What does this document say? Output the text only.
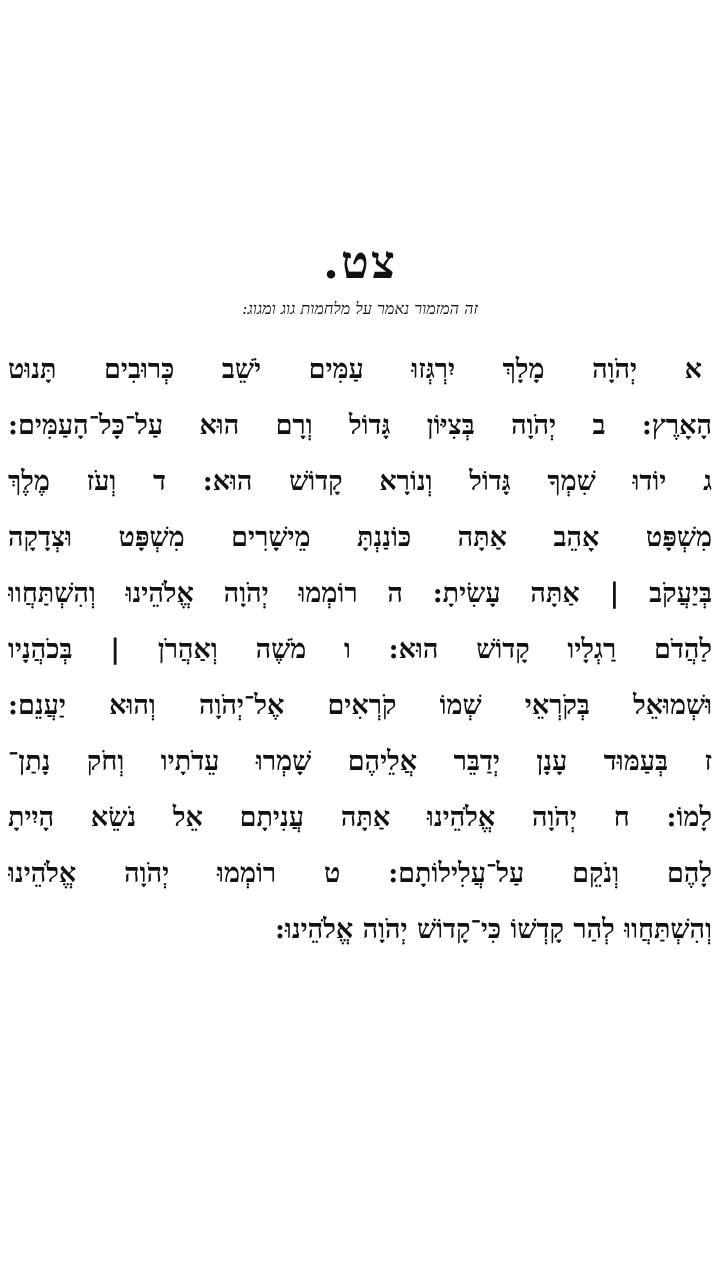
צט.
זה המזמור נאמר על מלחמות גוג ומגוג:
א יְהֹוָה מָלָךְ יִרְגְּזוּ עַמִּים יֹשֵׁב כְּרוּבִים תָּנוּט
הָאָרֶץ: ב יְהֹוָה בְּצִיּוֹן גָּדוֹל וְרָם הוּא עַל־כָּל־הָעַמִּים:
ג יוֹדוּ שִׁמְךָ גָּדוֹל וְנוֹרָא קָדוֹשׁ הוּא: ד וְעֹז מֶלֶךְ
מִשְׁפָּט אָהֵב אַתָּה כּוֹנַנְתָּ מֵישָׁרִים מִשְׁפָּט וּצְדָקָה
בְּיַעֲקֹב | אַתָּה עָשִׂיתָ: ה רוֹמְמוּ יְהֹוָה אֱלֹהֵינוּ וְהִשְׁתַּחֲווּ
לַהֲדֹם רַגְלָיו קָדוֹשׁ הוּא: ו מֹשֶׁה וְאַהֲרֹן | בְּכֹהֲנָיו
וּשְׁמוּאֵל בְּקֹרְאֵי שְׁמוֹ קֹרְאִים אֶל־יְהֹוָה וְהוּא יַעֲנֵם:
ז בְּעַמּוּד עָנָן יְדַבֵּר אֲלֵיהֶם שָׁמְרוּ עֵדֹתָיו וְחֹק נָתַן־
לָמוֹ: ח יְהֹוָה אֱלֹהֵינוּ אַתָּה עֲנִיתָם אֵל נֹשֵׂא הָיִיתָ
לָהֶם וְנֹקֵם עַל־עֲלִילוֹתָם: ט רוֹמְמוּ יְהֹוָה אֱלֹהֵינוּ
וְהִשְׁתַּחֲווּ לְהַר קָדְשׁוֹ כִּי־קָדוֹשׁ יְהֹוָה אֱלֹהֵינוּ:
